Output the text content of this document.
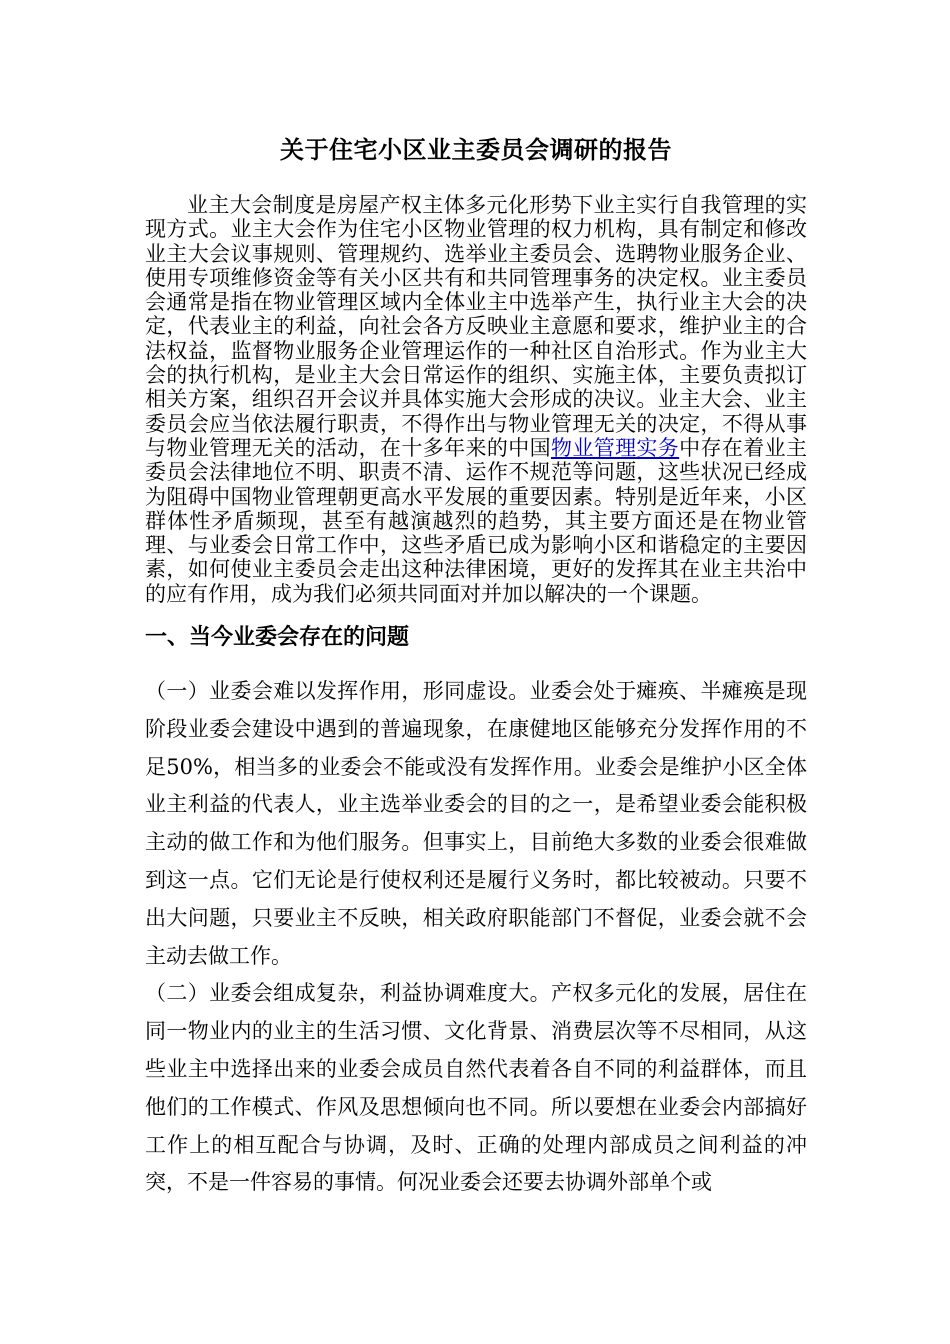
关于住宅小区业主委员会调研的报告

业主大会制度是房屋产权主体多元化形势下业主实行自我管理的实现方式。业主大会作为住宅小区物业管理的权力机构，具有制定和修改业主大会议事规则、管理规约、选举业主委员会、选聘物业服务企业、使用专项维修资金等有关小区共有和共同管理事务的决定权。业主委员会通常是指在物业管理区域内全体业主中选举产生，执行业主大会的决定，代表业主的利益，向社会各方反映业主意愿和要求，维护业主的合法权益，监督物业服务企业管理运作的一种社区自治形式。作为业主大会的执行机构，是业主大会日常运作的组织、实施主体，主要负责拟订相关方案，组织召开会议并具体实施大会形成的决议。业主大会、业主委员会应当依法履行职责，不得作出与物业管理无关的决定，不得从事与物业管理无关的活动，在十多年来的中国物业管理实务中存在着业主委员会法律地位不明、职责不清、运作不规范等问题，这些状况已经成为阻碍中国物业管理朝更高水平发展的重要因素。特别是近年来，小区群体性矛盾频现，甚至有越演越烈的趋势，其主要方面还是在物业管理、与业委会日常工作中，这些矛盾已成为影响小区和谐稳定的主要因素，如何使业主委员会走出这种法律困境，更好的发挥其在业主共治中的应有作用，成为我们必须共同面对并加以解决的一个课题。

一、当今业委会存在的问题

（一）业委会难以发挥作用，形同虚设。业委会处于瘫痪、半瘫痪是现阶段业委会建设中遇到的普遍现象，在康健地区能够充分发挥作用的不足50%，相当多的业委会不能或没有发挥作用。业委会是维护小区全体业主利益的代表人，业主选举业委会的目的之一，是希望业委会能积极主动的做工作和为他们服务。但事实上，目前绝大多数的业委会很难做到这一点。它们无论是行使权利还是履行义务时，都比较被动。只要不出大问题，只要业主不反映，相关政府职能部门不督促，业委会就不会主动去做工作。

（二）业委会组成复杂，利益协调难度大。产权多元化的发展，居住在同一物业内的业主的生活习惯、文化背景、消费层次等不尽相同，从这些业主中选择出来的业委会成员自然代表着各自不同的利益群体，而且他们的工作模式、作风及思想倾向也不同。所以要想在业委会内部搞好工作上的相互配合与协调，及时、正确的处理内部成员之间利益的冲突，不是一件容易的事情。何况业委会还要去协调外部单个或
